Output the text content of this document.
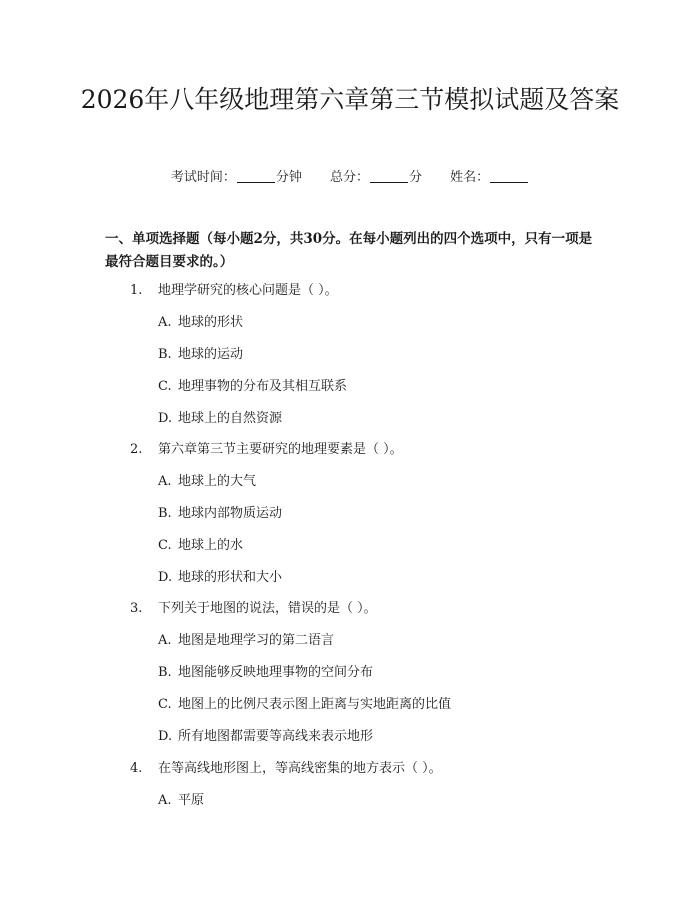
2026年八年级地理第六章第三节模拟试题及答案
考试时间：	分钟 总分：	分 姓名：

一、单项选择题（每小题2分，共30分。在每小题列出的四个选项中，只有一项是最符合题目要求的。）

1. 地理学研究的核心问题是（ ）。
A. 地球的形状
B. 地球的运动
C. 地理事物的分布及其相互联系
D. 地球上的自然资源
2. 第六章第三节主要研究的地理要素是（ ）。
A. 地球上的大气
B. 地球内部物质运动
C. 地球上的水
D. 地球的形状和大小
3. 下列关于地图的说法，错误的是（ ）。
A. 地图是地理学习的第二语言
B. 地图能够反映地理事物的空间分布
C. 地图上的比例尺表示图上距离与实地距离的比值
D. 所有地图都需要等高线来表示地形
4. 在等高线地形图上，等高线密集的地方表示（ ）。
A. 平原
